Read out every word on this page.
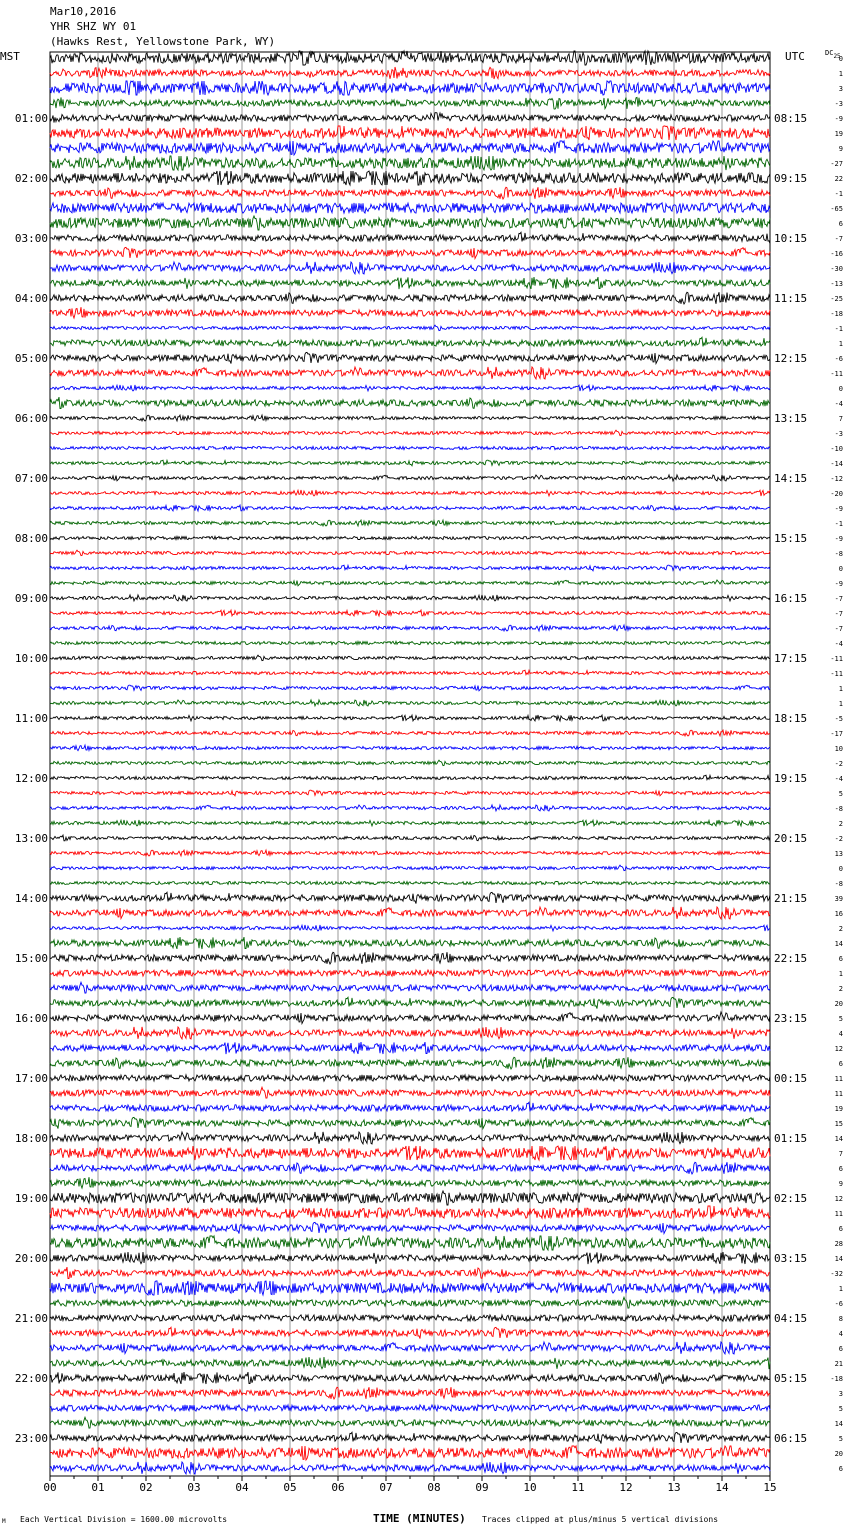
Mar10,2016
YHR SHZ WY 01
(Hawks Rest, Yellowstone Park, WY)
MST	UTC	DC25
0
1
3
-3
-9
19
9
-27
22
-1
-65
6
-7
-16
-30
-13
-25
-18
-1
1
-6
-11
0
-4
7
-3
-10
-14
-12
-20
-9
-1
-9
-8
0
-9
-7
-7
-7
-4
-11
-11
1
1
-5
-17
10
-2
-4
5
-8
2
-2
13
0
-8
39
16
2
14
6
1
2
20
5
4
12
6
11
11
19
15
14
7
6
9
12
11
6
28
14
-32
1
-6
8
4
6
21
-18
3
5
14
5
20
6
01:00
02:00
03:00
04:00
05:00
06:00
07:00
08:00
09:00
10:00
11:00
12:00
13:00
14:00
15:00
16:00
17:00
18:00
19:00
20:00
21:00
22:00
23:00
08:15
09:15
10:15
11:15
12:15
13:15
14:15
15:15
16:15
17:15
18:15
19:15
20:15
21:15
22:15
23:15
00:15
01:15
02:15
03:15
04:15
05:15
06:15
00	01	02	03	04	05	06	07	08	09	10	11	12	13	14	15
M Each Vertical Division = 1600.00 microvolts	TIME (MINUTES) Traces clipped at plus/minus 5 vertical divisions
